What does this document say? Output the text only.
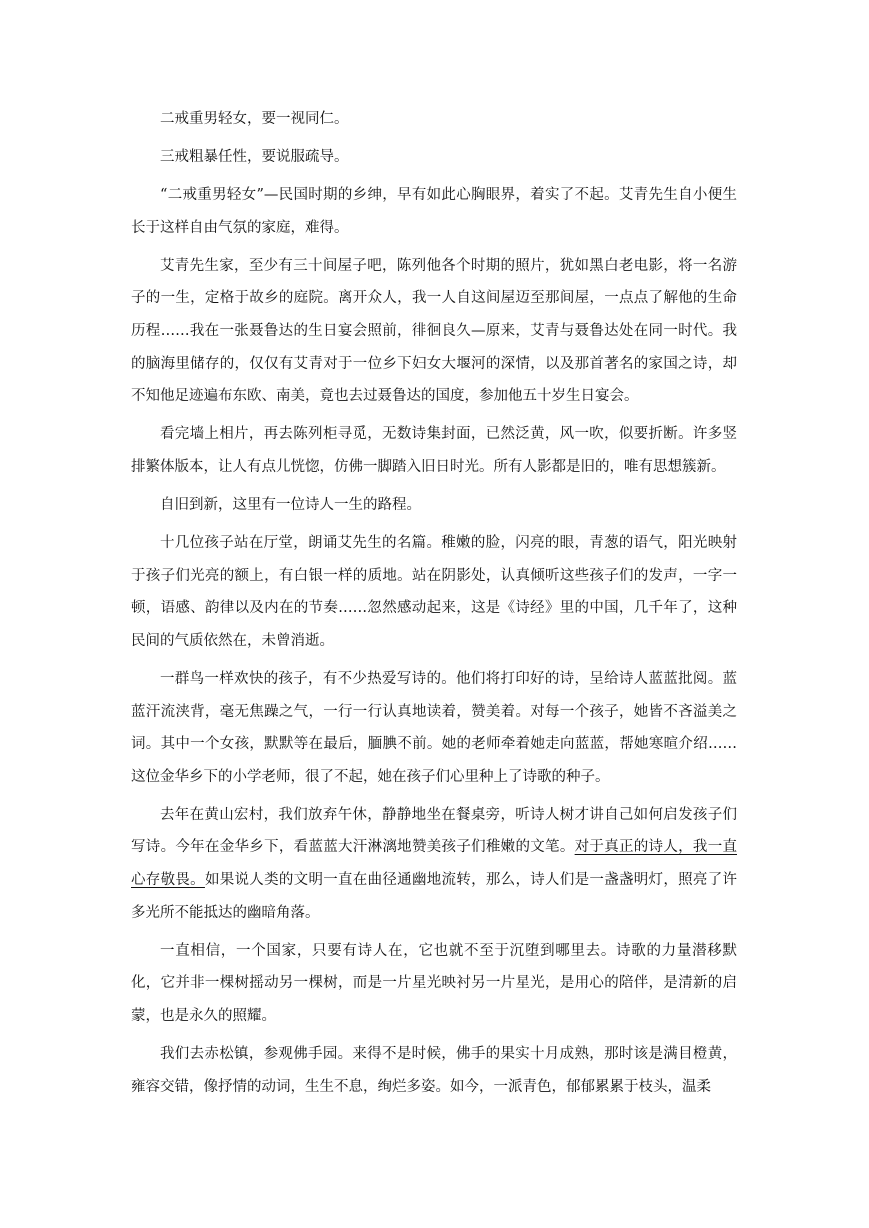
二戒重男轻女，要一视同仁。

三戒粗暴任性，要说服疏导。

“二戒重男轻女”—民国时期的乡绅，早有如此心胸眼界，着实了不起。艾青先生自小便生长于这样自由气氛的家庭，难得。

艾青先生家，至少有三十间屋子吧，陈列他各个时期的照片，犹如黑白老电影，将一名游子的一生，定格于故乡的庭院。离开众人，我一人自这间屋迈至那间屋，一点点了解他的生命历程……我在一张聂鲁达的生日宴会照前，徘徊良久—原来，艾青与聂鲁达处在同一时代。我的脑海里储存的，仅仅有艾青对于一位乡下妇女大堰河的深情，以及那首著名的家国之诗，却不知他足迹遍布东欧、南美，竟也去过聂鲁达的国度，参加他五十岁生日宴会。

看完墙上相片，再去陈列柜寻觅，无数诗集封面，已然泛黄，风一吹，似要折断。许多竖排繁体版本，让人有点儿恍惚，仿佛一脚踏入旧日时光。所有人影都是旧的，唯有思想簇新。

自旧到新，这里有一位诗人一生的路程。

十几位孩子站在厅堂，朗诵艾先生的名篇。稚嫩的脸，闪亮的眼，青葱的语气，阳光映射于孩子们光亮的额上，有白银一样的质地。站在阴影处，认真倾听这些孩子们的发声，一字一顿，语感、韵律以及内在的节奏……忽然感动起来，这是《诗经》里的中国，几千年了，这种民间的气质依然在，未曾消逝。

一群鸟一样欢快的孩子，有不少热爱写诗的。他们将打印好的诗，呈给诗人蓝蓝批阅。蓝蓝汗流浃背，毫无焦躁之气，一行一行认真地读着，赞美着。对每一个孩子，她皆不吝溢美之词。其中一个女孩，默默等在最后，腼腆不前。她的老师牵着她走向蓝蓝，帮她寒暄介绍……这位金华乡下的小学老师，很了不起，她在孩子们心里种上了诗歌的种子。

去年在黄山宏村，我们放弃午休，静静地坐在餐桌旁，听诗人树才讲自己如何启发孩子们写诗。今年在金华乡下，看蓝蓝大汗淋漓地赞美孩子们稚嫩的文笔。对于真正的诗人，我一直心存敬畏。如果说人类的文明一直在曲径通幽地流转，那么，诗人们是一盏盏明灯，照亮了许多光所不能抵达的幽暗角落。

一直相信，一个国家，只要有诗人在，它也就不至于沉堕到哪里去。诗歌的力量潜移默化，它并非一棵树摇动另一棵树，而是一片星光映衬另一片星光，是用心的陪伴，是清新的启蒙，也是永久的照耀。

我们去赤松镇，参观佛手园。来得不是时候，佛手的果实十月成熟，那时该是满目橙黄，雍容交错，像抒情的动词，生生不息，绚烂多姿。如今，一派青色，郁郁累累于枝头，温柔
